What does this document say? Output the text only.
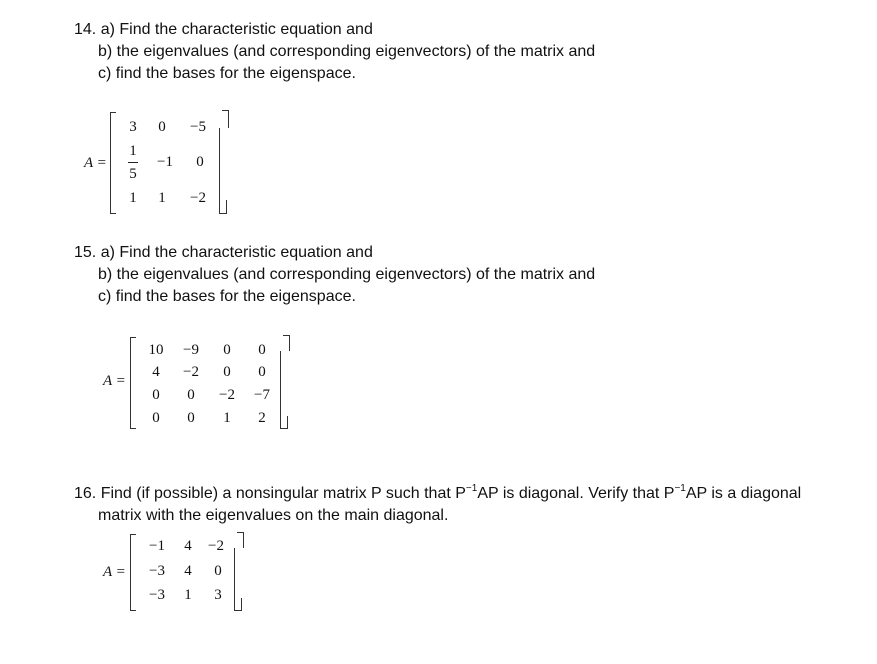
14. a) Find the characteristic equation and
b) the eigenvalues (and corresponding eigenvectors) of the matrix and
c) find the bases for the eigenspace.
A =
3 0 −5
1
5
−1 0
1 1 −2
15. a) Find the characteristic equation and
b) the eigenvalues (and corresponding eigenvectors) of the matrix and
c) find the bases for the eigenspace.
A =
10 −9 0 0
4 −2 0 0
0 0 −2 −7
0 0 1 2
16. Find (if possible) a nonsingular matrix P such that $P^{-1}AP$ is diagonal. Verify that $P^{-1}AP$ is a diagonal
matrix with the eigenvalues on the main diagonal.
A =
−1 4 −2
−3 4 0
−3 1 3
